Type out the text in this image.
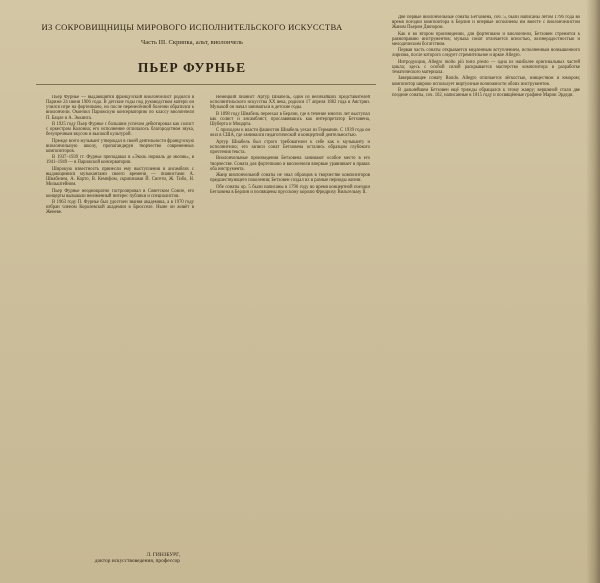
ИЗ СОКРОВИЩНИЦЫ МИРОВОГО ИСПОЛНИТЕЛЬСКОГО ИСКУССТВА
Часть III. Скрипка, альт, виолончель
ПЬЕР ФУРНЬЕ

Пьер Фурнье — выдающийся французский виолончелист родился в Париже 24 июня 1906 года. В детские годы под руководством матери он учился игре на фортепиано, но после перенесённой болезни обратился к виолончели. Окончил Парижскую консерваторию по классу виолончели П. Бацле и А. Эккинга.

В 1925 году Пьер Фурнье с большим успехом дебютировал как солист с оркестром Колонна; его исполнение отличалось благородством звука, безупречным вкусом и высокой культурой.

Прежде всего музыкант утверждал в своей деятельности французскую виолончельную школу, пропагандируя творчество современных композиторов.

В 1937–1939 гг. Фурнье преподавал в «Эколь нормаль де мюзик», в 1941–1949 — в Парижской консерватории.

Широкую известность принесли ему выступления в ансамблях с выдающимися музыкантами своего времени — пианистами А. Шнабелем, А. Корто, В. Кемпфом, скрипачами Й. Сигети, Ж. Тибо, Н. Мильштейном.

Пьер Фурнье неоднократно гастролировал в Советском Союзе, его концерты вызывали неизменный интерес публики и специалистов.

В 1963 году П. Фурнье был удостоен звания академика, а в 1970 году избран членом Королевской академии в Брюсселе. Ныне он живёт в Женеве.

Немецкий пианист Артур Шнабель, один из величайших представителей исполнительского искусства XX века, родился 17 апреля 1882 года в Австрии. Музыкой он начал заниматься в детские годы.

В 1898 году Шнабель переехал в Берлин, где в течение многих лет выступал как солист и ансамблист, прославившись как интерпретатор Бетховена, Шуберта и Моцарта.

С приходом к власти фашистов Шнабель уехал из Германии. С 1939 года он жил в США, где занимался педагогической и концертной деятельностью.

Артур Шнабель был строго требователен к себе как к музыканту и исполнителю; его записи сонат Бетховена остались образцом глубокого прочтения текста.

Виолончельные произведения Бетховена занимают особое место в его творчестве. Соната для фортепиано и виолончели впервые уравнивает в правах оба инструмента.

Жанр виолончельной сонаты не знал образцов в творчестве композиторов предшествующего поколения; Бетховен создал их в разные периоды жизни.

Обе сонаты op. 5 были написаны в 1796 году во время концертной поездки Бетховена в Берлин и посвящены прусскому королю Фридриху Вильгельму II.

Две первые виолончельные сонаты Бетховена, соч. 5, были написаны летом 1796 года во время поездки композитора в Берлин и впервые исполнены им вместе с виолончелистом Жаном Пьером Дюпором.

Как и во втором произведении, для фортепиано и виолончели, Бетховен стремится к равноправию инструментов; музыка сонат отличается ясностью, жизнерадостностью и мелодическим богатством.

Первая часть сонаты открывается медленным вступлением, исполненным возвышенного лиризма, после которого следует стремительное и яркое Allegro.

Интродукция, Allegro molto più tosto presto — одна из наиболее оригинальных частей цикла; здесь с особой силой раскрывается мастерство композитора в разработке тематического материала.

Завершающее сонату Rondo. Allegro отличается лёгкостью, изяществом и юмором; композитор широко использует виртуозные возможности обоих инструментов.

В дальнейшем Бетховен ещё трижды обращался к этому жанру; вершиной стали две поздние сонаты, соч. 102, написанные в 1815 году и посвящённые графине Марии Эрдеди.

Л. ГИНЗБУРГ,
доктор искусствоведения, профессор
